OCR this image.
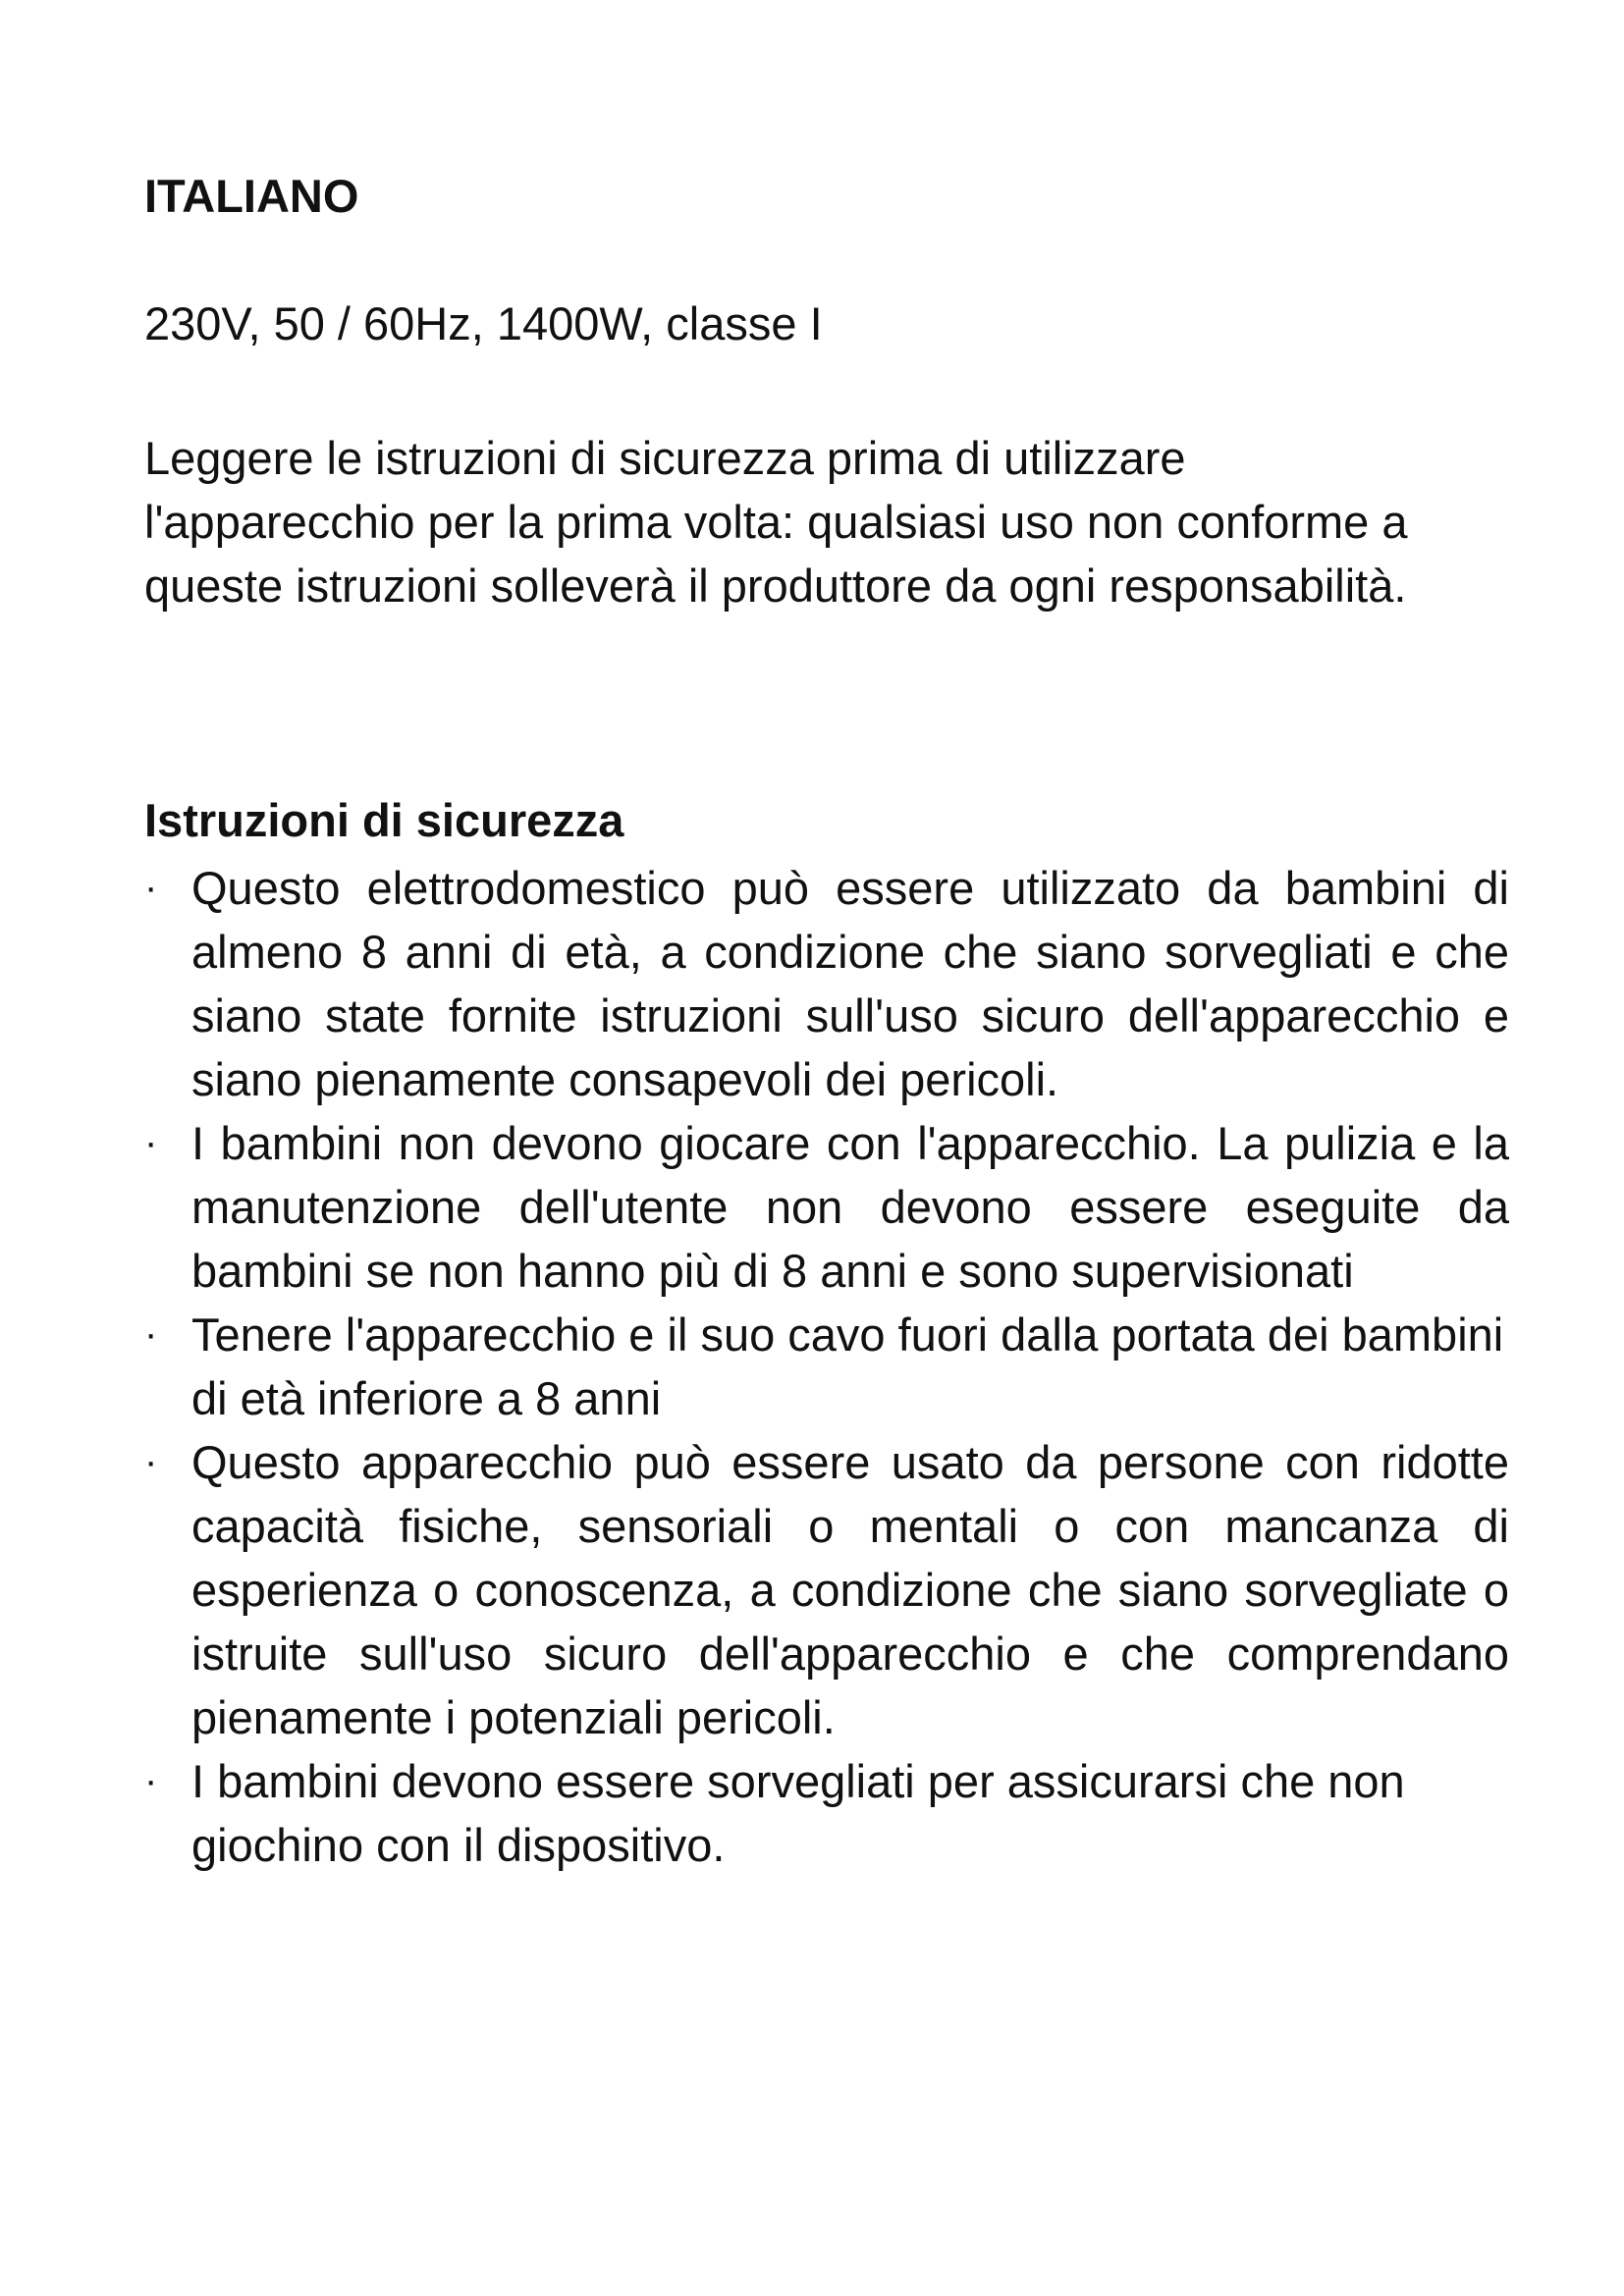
ITALIANO

230V, 50 / 60Hz, 1400W, classe I

Leggere le istruzioni di sicurezza prima di utilizzare l'apparecchio per la prima volta: qualsiasi uso non conforme a queste istruzioni solleverà il produttore da ogni responsabilità.

Istruzioni di sicurezza
· Questo elettrodomestico può essere utilizzato da bambini di almeno 8 anni di età, a condizione che siano sorvegliati e che siano state fornite istruzioni sull'uso sicuro dell'apparecchio e siano pienamente consapevoli dei pericoli.
· I bambini non devono giocare con l'apparecchio. La pulizia e la manutenzione dell'utente non devono essere eseguite da bambini se non hanno più di 8 anni e sono supervisionati
· Tenere l'apparecchio e il suo cavo fuori dalla portata dei bambini di età inferiore a 8 anni
· Questo apparecchio può essere usato da persone con ridotte capacità fisiche, sensoriali o mentali o con mancanza di esperienza o conoscenza, a condizione che siano sorvegliate o istruite sull'uso sicuro dell'apparecchio e che comprendano pienamente i potenziali pericoli.
· I bambini devono essere sorvegliati per assicurarsi che non giochino con il dispositivo.
